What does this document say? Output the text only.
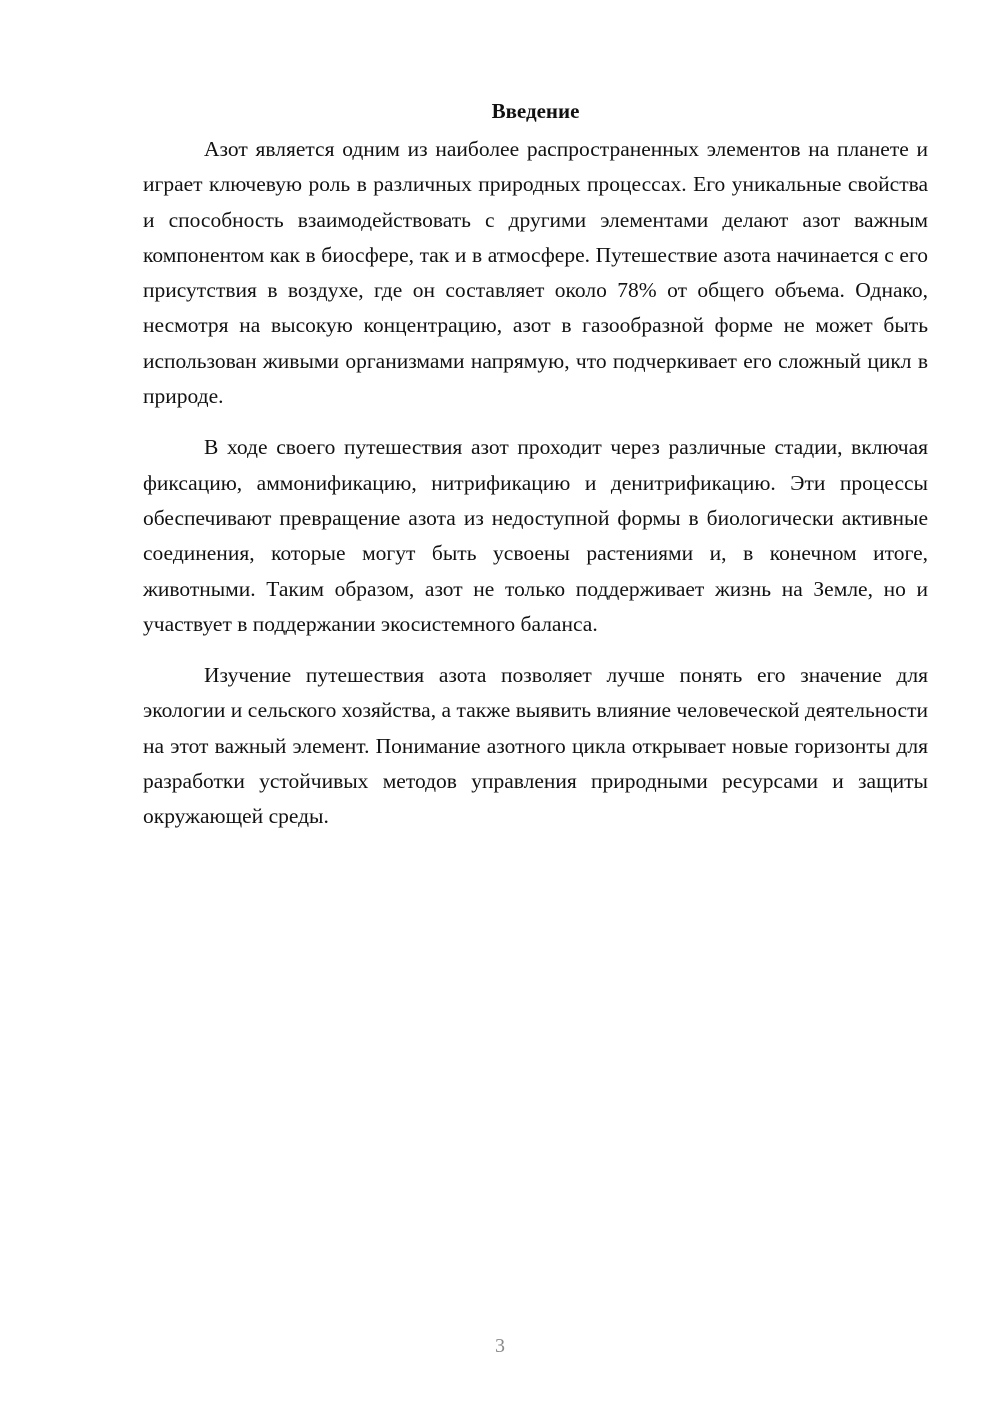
Введение

Азот является одним из наиболее распространенных элементов на планете и играет ключевую роль в различных природных процессах. Его уникальные свойства и способность взаимодействовать с другими элементами делают азот важным компонентом как в биосфере, так и в атмосфере. Путешествие азота начинается с его присутствия в воздухе, где он составляет около 78% от общего объема. Однако, несмотря на высокую концентрацию, азот в газообразной форме не может быть использован живыми организмами напрямую, что подчеркивает его сложный цикл в природе.

В ходе своего путешествия азот проходит через различные стадии, включая фиксацию, аммонификацию, нитрификацию и денитрификацию. Эти процессы обеспечивают превращение азота из недоступной формы в биологически активные соединения, которые могут быть усвоены растениями и, в конечном итоге, животными. Таким образом, азот не только поддерживает жизнь на Земле, но и участвует в поддержании экосистемного баланса.

Изучение путешествия азота позволяет лучше понять его значение для экологии и сельского хозяйства, а также выявить влияние человеческой деятельности на этот важный элемент. Понимание азотного цикла открывает новые горизонты для разработки устойчивых методов управления природными ресурсами и защиты окружающей среды.

3
